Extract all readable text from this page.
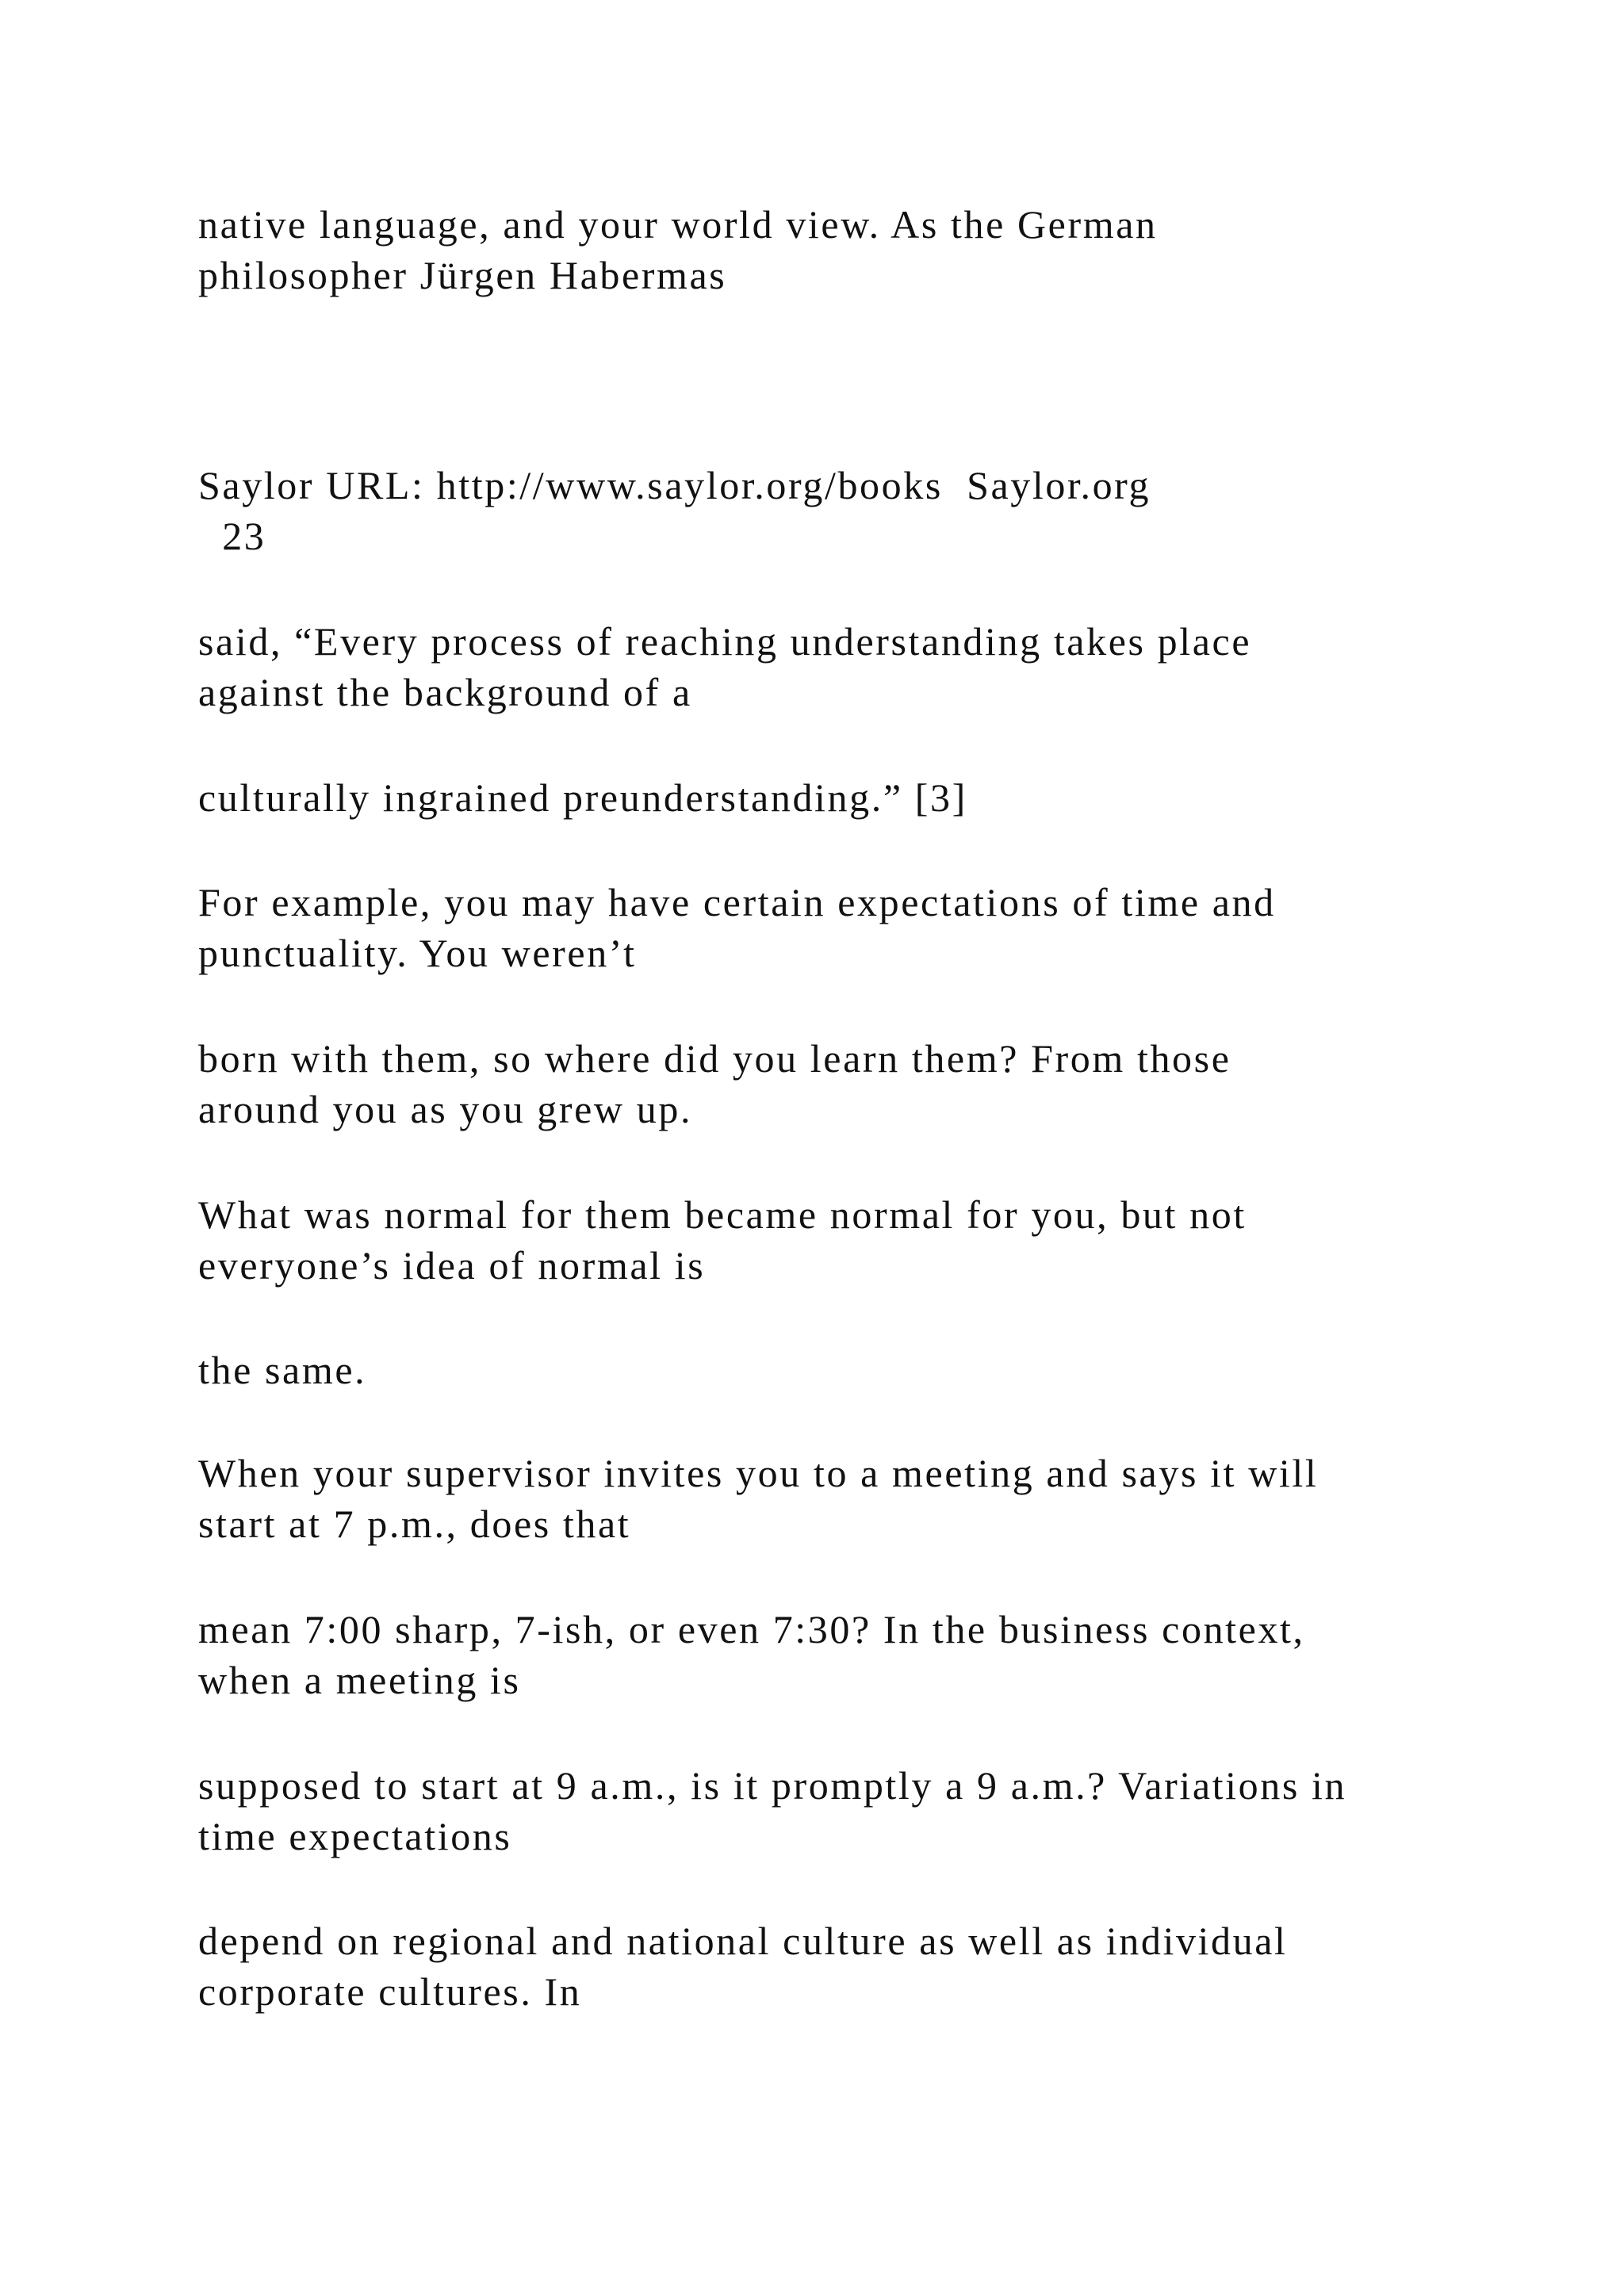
native language, and your world view. As the German

philosopher Jürgen Habermas

Saylor URL: http://www.saylor.org/books  Saylor.org

23

said, “Every process of reaching understanding takes place

against the background of a

culturally ingrained preunderstanding.” [3]

For example, you may have certain expectations of time and

punctuality. You weren’t

born with them, so where did you learn them? From those

around you as you grew up.

What was normal for them became normal for you, but not

everyone’s idea of normal is

the same.

When your supervisor invites you to a meeting and says it will

start at 7 p.m., does that

mean 7:00 sharp, 7-ish, or even 7:30? In the business context,

when a meeting is

supposed to start at 9 a.m., is it promptly a 9 a.m.? Variations in

time expectations

depend on regional and national culture as well as individual

corporate cultures. In
